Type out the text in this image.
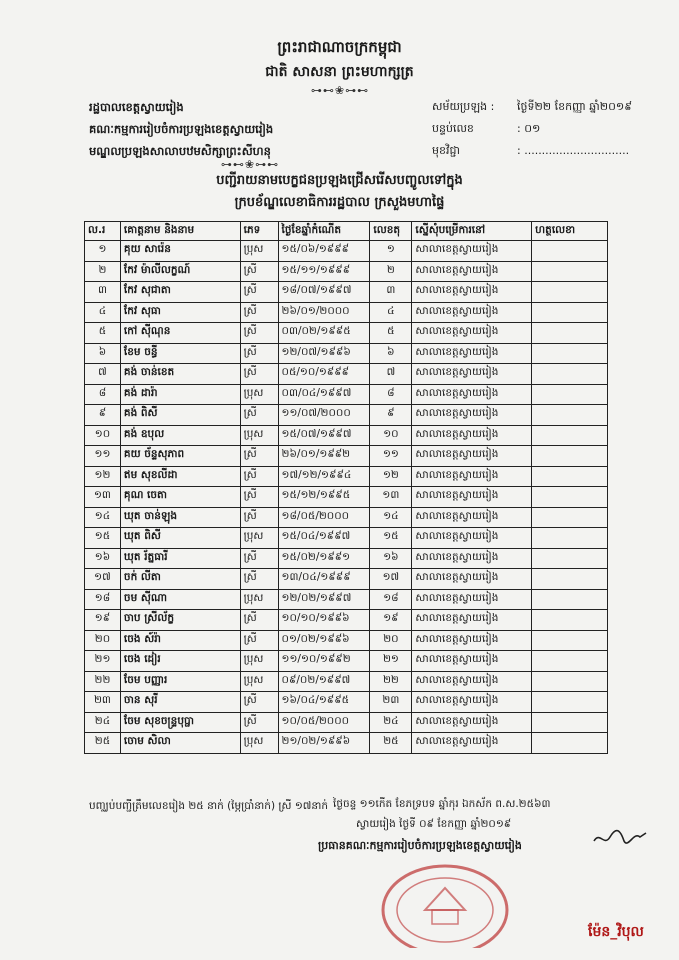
ព្រះរាជាណាចក្រកម្ពុជា
ជាតិ សាសនា ព្រះមហាក្សត្រ
⊶⊷❀⊶⊷
រដ្ឋបាលខេត្តស្វាយរៀង
គណៈកម្មការរៀបចំការប្រឡងខេត្តស្វាយរៀង
មណ្ឌលប្រឡងសាលាបឋមសិក្សាព្រះសីហនុ
សម័យប្រឡង : ថ្ងៃទី២២ ខែកញ្ញា ឆ្នាំ២០១៩
បន្ទប់លេខ	: ០១
មុខវិជ្ជា	: ..............................
⊶⊷❀⊶⊷
បញ្ជីរាយនាមបេក្ខជនប្រឡងជ្រើសរើសបញ្ចូលទៅក្នុង
ក្របខ័ណ្ឌលេខាធិការរដ្ឋបាល ក្រសួងមហាផ្ទៃ
ល.រ	គោត្តនាម និងនាម	ភេទ	ថ្ងៃខែឆ្នាំកំណើត	លេខតុ	ស្នើសុំបម្រើការនៅ	ហត្ថលេខា
១	គុយ សារ៉េន	ប្រុស	១៥/០៦/១៩៩៩	១	សាលាខេត្តស្វាយរៀង	
២	កែវ ម៉ាលីលក្ខណ៍	ស្រី	១៥/១១/១៩៩៩	២	សាលាខេត្តស្វាយរៀង	
៣	កែវ សុជាតា	ស្រី	១៨/០៧/១៩៩៧	៣	សាលាខេត្តស្វាយរៀង	
៤	កែវ សុធា	ស្រី	២៦/០១/២០០០	៤	សាលាខេត្តស្វាយរៀង	
៥	កៅ ស៊ីណុន	ស្រី	០៣/០២/១៩៩៥	៥	សាលាខេត្តស្វាយរៀង	
៦	ខែម ចន្ធី	ស្រី	១២/០៧/១៩៩៦	៦	សាលាខេត្តស្វាយរៀង	
៧	គង់ ចាន់ខេត	ស្រី	០៥/១០/១៩៩៩	៧	សាលាខេត្តស្វាយរៀង	
៨	គង់ ដារ៉ា	ប្រុស	០៣/០៤/១៩៩៧	៨	សាលាខេត្តស្វាយរៀង	
៩	គង់ ពិសី	ស្រី	១១/០៧/២០០០	៩	សាលាខេត្តស្វាយរៀង	
១០	គង់ ឧបុល	ប្រុស	១៥/០៧/១៩៩៧	១០	សាលាខេត្តស្វាយរៀង	
១១	គយ ច័ន្ទសុភាព	ស្រី	២៦/០១/១៩៩២	១១	សាលាខេត្តស្វាយរៀង	
១២	ឥម សុខលីដា	ស្រី	១៧/១២/១៩៩៤	១២	សាលាខេត្តស្វាយរៀង	
១៣	គុណ ចេតា	ស្រី	១៥/១២/១៩៩៥	១៣	សាលាខេត្តស្វាយរៀង	
១៤	ឃុត ចាន់ឡុង	ស្រី	១៨/០៥/២០០០	១៤	សាលាខេត្តស្វាយរៀង	
១៥	ឃុត ពិសី	ប្រុស	១៥/០៤/១៩៩៧	១៥	សាលាខេត្តស្វាយរៀង	
១៦	ឃុត រ័ត្នធារី	ស្រី	១៥/០២/១៩៩១	១៦	សាលាខេត្តស្វាយរៀង	
១៧	ចក់ លីតា	ស្រី	១៣/០៤/១៩៩៩	១៧	សាលាខេត្តស្វាយរៀង	
១៨	ចម ស៊ីណា	ប្រុស	១២/០២/១៩៩៧	១៨	សាលាខេត្តស្វាយរៀង	
១៩	ចាប ស្រីល័ក្ខ	ស្រី	១០/១០/១៩៩៦	១៩	សាលាខេត្តស្វាយរៀង	
២០	ចេង ស៍រ៉ា	ស្រី	០១/០២/១៩៩៦	២០	សាលាខេត្តស្វាយរៀង	
២១	ចេង ដៀរ	ប្រុស	១១/១០/១៩៩២	២១	សាលាខេត្តស្វាយរៀង	
២២	ចែម បញ្ញារ	ប្រុស	០៩/០២/១៩៩៧	២២	សាលាខេត្តស្វាយរៀង	
២៣	ចាន សុរី	ស្រី	១៦/០៤/១៩៩៥	២៣	សាលាខេត្តស្វាយរៀង	
២៤	ចែម សុខចន្ទ្របុប្ផា	ស្រី	១០/០៥/២០០០	២៤	សាលាខេត្តស្វាយរៀង	
២៥	ចោម សិលា	ប្រុស	២១/០២/១៩៩៦	២៥	សាលាខេត្តស្វាយរៀង	
បញ្ឈប់បញ្ជីត្រឹមលេខរៀង ២៥ នាក់ (ម្ភៃប្រាំនាក់) ស្រី ១៧នាក់ ថ្ងៃចន្ទ ១១កើត ខែភទ្របទ ឆ្នាំកុរ ឯកស័ក ព.ស.២៥៦៣
ស្វាយរៀង ថ្ងៃទី ០៩ ខែកញ្ញា ឆ្នាំ២០១៩
ប្រធានគណៈកម្មការរៀបចំការប្រឡងខេត្តស្វាយរៀង
ម៉ែន_វិបុល
